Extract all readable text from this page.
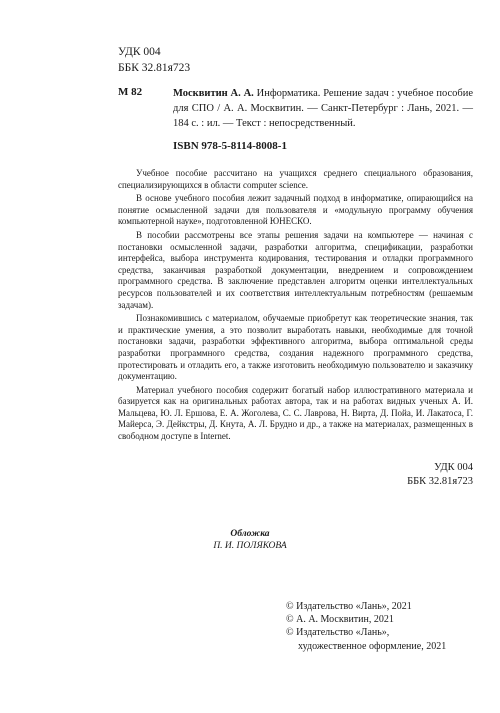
УДК 004
ББК 32.81я723
М 82	Москвитин А. А. Информатика. Решение задач : учебное пособие для СПО / А. А. Москвитин. — Санкт-Петербург : Лань, 2021. — 184 с. : ил. — Текст : непосредственный.
ISBN 978-5-8114-8008-1

Учебное пособие рассчитано на учащихся среднего специального образования, специализирующихся в области computer science.

В основе учебного пособия лежит задачный подход в информатике, опирающийся на понятие осмысленной задачи для пользователя и «модульную программу обучения компьютерной науке», подготовленной ЮНЕСКО.

В пособии рассмотрены все этапы решения задачи на компьютере — начиная с постановки осмысленной задачи, разработки алгоритма, спецификации, разработки интерфейса, выбора инструмента кодирования, тестирования и отладки программного средства, заканчивая разработкой документации, внедрением и сопровождением программного средства. В заключение представлен алгоритм оценки интеллектуальных ресурсов пользователей и их соответствия интеллектуальным потребностям (решаемым задачам).

Познакомившись с материалом, обучаемые приобретут как теоретические знания, так и практические умения, а это позволит выработать навыки, необходимые для точной постановки задачи, разработки эффективного алгоритма, выбора оптимальной среды разработки программного средства, создания надежного программного средства, протестировать и отладить его, а также изготовить необходимую пользователю и заказчику документацию.

Материал учебного пособия содержит богатый набор иллюстративного материала и базируется как на оригинальных работах автора, так и на работах видных ученых А. И. Мальцева, Ю. Л. Ершова, Е. А. Жоголева, С. С. Лаврова, Н. Вирта, Д. Пойа, И. Лакатоса, Г. Майерса, Э. Дейкстры, Д. Кнута, А. Л. Брудно и др., а также на материалах, размещенных в свободном доступе в Internet.

УДК 004
ББК 32.81я723
Обложка
П. И. ПОЛЯКОВА
© Издательство «Лань», 2021
© А. А. Москвитин, 2021
© Издательство «Лань»,
художественное оформление, 2021
